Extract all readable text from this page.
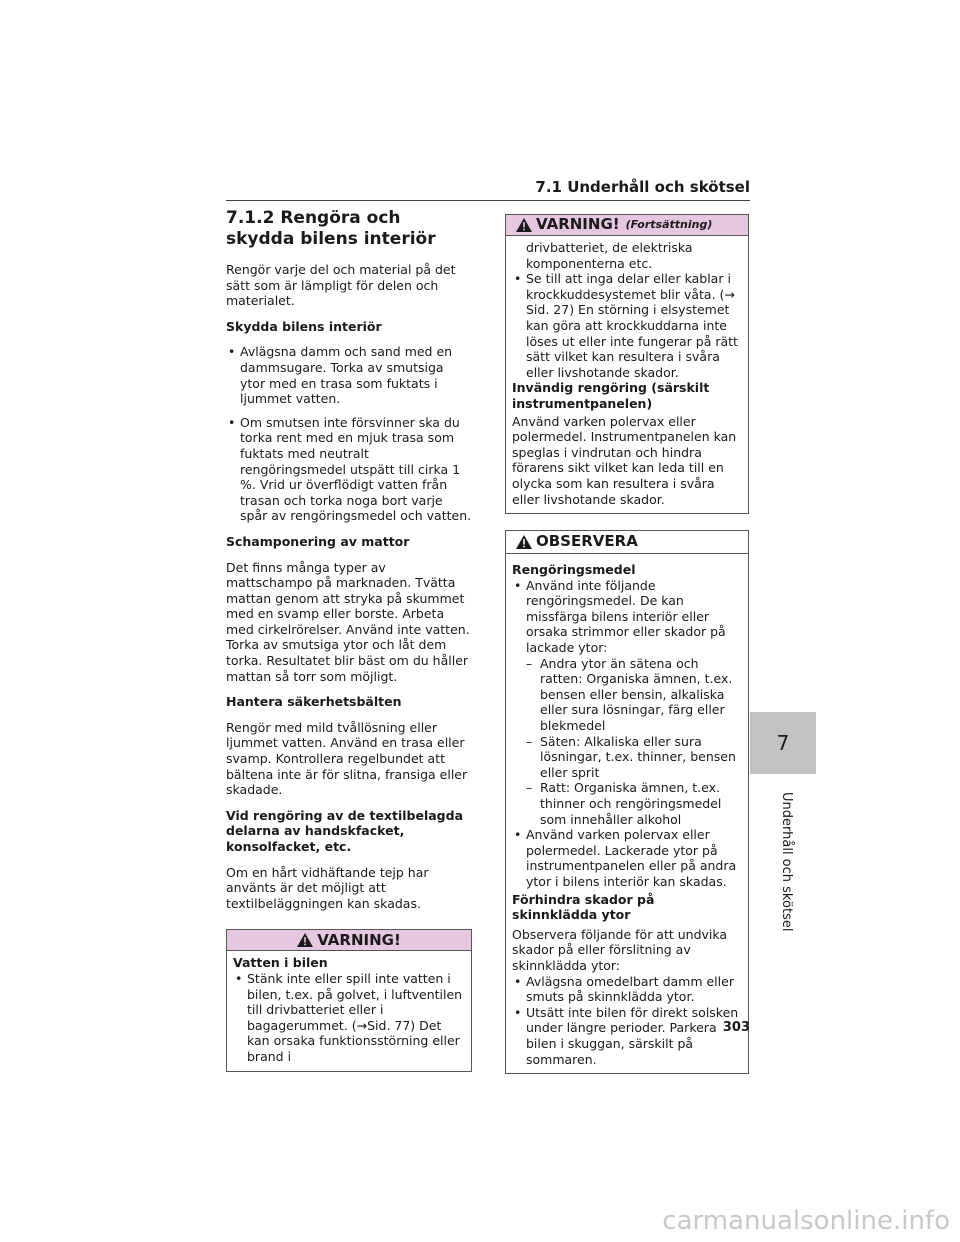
7.1 Underhåll och skötsel
7.1.2 Rengöra och skydda bilens interiör

Rengör varje del och material på det sätt som är lämpligt för delen och materialet.

Skydda bilens interiör

• Avlägsna damm och sand med en dammsugare. Torka av smutsiga ytor med en trasa som fuktats i ljummet vatten.
• Om smutsen inte försvinner ska du torka rent med en mjuk trasa som fuktats med neutralt rengöringsmedel utspätt till cirka 1 %. Vrid ur överflödigt vatten från trasan och torka noga bort varje spår av rengöringsmedel och vatten.

Schamponering av mattor

Det finns många typer av mattschampo på marknaden. Tvätta mattan genom att stryka på skummet med en svamp eller borste. Arbeta med cirkelrörelser. Använd inte vatten. Torka av smutsiga ytor och låt dem torka. Resultatet blir bäst om du håller mattan så torr som möjligt.

Hantera säkerhetsbälten

Rengör med mild tvållösning eller ljummet vatten. Använd en trasa eller svamp. Kontrollera regelbundet att bältena inte är för slitna, fransiga eller skadade.

Vid rengöring av de textilbelagda delarna av handskfacket, konsolfacket, etc.

Om en hårt vidhäftande tejp har använts är det möjligt att textilbeläggningen kan skadas.

VARNING!
Vatten i bilen
• Stänk inte eller spill inte vatten i bilen, t.ex. på golvet, i luftventilen till drivbatteriet eller i bagagerummet. (→Sid. 77) Det kan orsaka funktionsstörning eller brand i
VARNING! (Fortsättning)
drivbatteriet, de elektriska komponenterna etc.
• Se till att inga delar eller kablar i krockkuddesystemet blir våta. (→ Sid. 27) En störning i elsystemet kan göra att krockkuddarna inte löses ut eller inte fungerar på rätt sätt vilket kan resultera i svåra eller livshotande skador.
Invändig rengöring (särskilt instrumentpanelen)
Använd varken polervax eller polermedel. Instrumentpanelen kan speglas i vindrutan och hindra förarens sikt vilket kan leda till en olycka som kan resultera i svåra eller livshotande skador.
OBSERVERA
Rengöringsmedel
• Använd inte följande rengöringsmedel. De kan missfärga bilens interiör eller orsaka strimmor eller skador på lackade ytor:
– Andra ytor än sätena och ratten: Organiska ämnen, t.ex. bensen eller bensin, alkaliska eller sura lösningar, färg eller blekmedel
– Säten: Alkaliska eller sura lösningar, t.ex. thinner, bensen eller sprit
– Ratt: Organiska ämnen, t.ex. thinner och rengöringsmedel som innehåller alkohol
• Använd varken polervax eller polermedel. Lackerade ytor på instrumentpanelen eller på andra ytor i bilens interiör kan skadas.
Förhindra skador på skinnklädda ytor
Observera följande för att undvika skador på eller förslitning av skinnklädda ytor:
• Avlägsna omedelbart damm eller smuts på skinnklädda ytor.
• Utsätt inte bilen för direkt solsken under längre perioder. Parkera bilen i skuggan, särskilt på sommaren.
7
Underhåll och skötsel
303
carmanualsonline.info
